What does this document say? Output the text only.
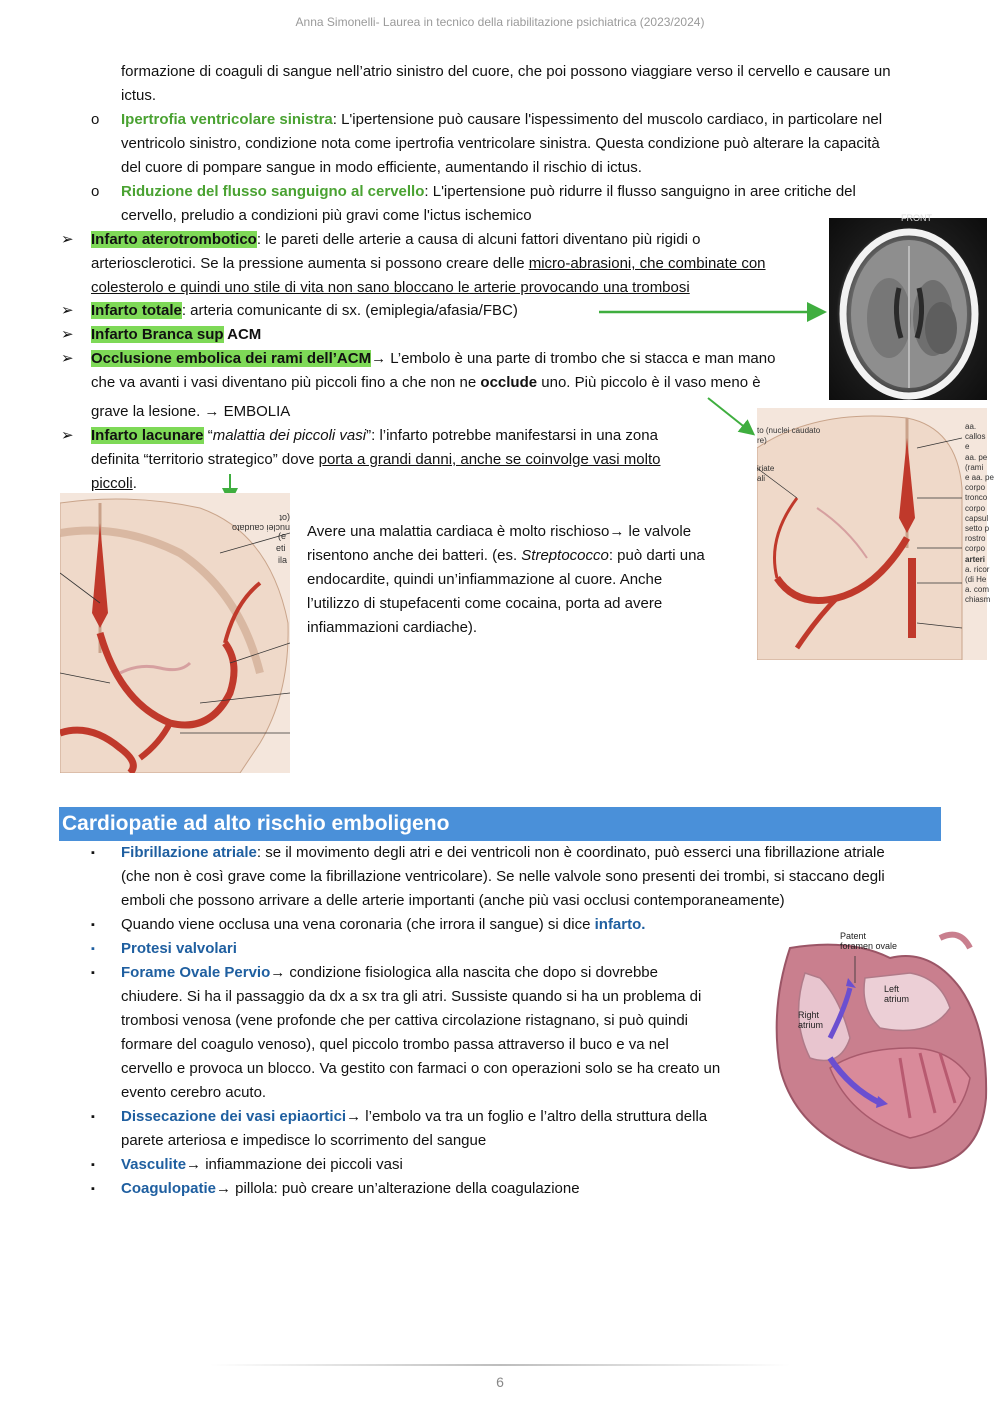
Anna Simonelli- Laurea in tecnico della riabilitazione psichiatrica (2023/2024)
formazione di coaguli di sangue nell’atrio sinistro del cuore, che poi possono viaggiare verso il cervello e causare un
ictus.
o Ipertrofia ventricolare sinistra: L'ipertensione può causare l'ispessimento del muscolo cardiaco, in particolare nel
ventricolo sinistro, condizione nota come ipertrofia ventricolare sinistra. Questa condizione può alterare la capacità
del cuore di pompare sangue in modo efficiente, aumentando il rischio di ictus.
o Riduzione del flusso sanguigno al cervello: L'ipertensione può ridurre il flusso sanguigno in aree critiche del
cervello, preludio a condizioni più gravi come l'ictus ischemico
➢ Infarto aterotrombotico: le pareti delle arterie a causa di alcuni fattori diventano più rigidi o
arteriosclerotici. Se la pressione aumenta si possono creare delle micro-abrasioni, che combinate con
colesterolo e quindi uno stile di vita non sano bloccano le arterie provocando una trombosi
➢ Infarto totale: arteria comunicante di sx. (emiplegia/afasia/FBC)
➢ Infarto Branca sup ACM
➢ Occlusione embolica dei rami dell’ACM→ L’embolo è una parte di trombo che si stacca e man mano
che va avanti i vasi diventano più piccoli fino a che non ne occlude uno. Più piccolo è il vaso meno è
grave la lesione. → EMBOLIA
➢ Infarto lacunare “malattia dei piccoli vasi”: l’infarto potrebbe manifestarsi in una zona
definita “territorio strategico” dove porta a grandi danni, anche se coinvolge vasi molto
piccoli.
FRONT
nuclei caudato (ot
(e
eti
ila
Avere una malattia cardiaca è molto rischioso→ le valvole
risentono anche dei batteri. (es. Streptococco: può darti una
endocardite, quindi un’infiammazione al cuore. Anche
l’utilizzo di stupefacenti come cocaina, porta ad avere
infiammazioni cardiache).
to (nuclei caudato
re)
iriate
ali
aa.
callos
e
aa. pe
(rami
e aa. pe
corpo
tronco
corpo
capsul
setto p
rostro
corpo
arteri
a. ricor
(di He
a. com
chiasm
Cardiopatie ad alto rischio emboligeno
▪ Fibrillazione atriale: se il movimento degli atri e dei ventricoli non è coordinato, può esserci una fibrillazione atriale
(che non è così grave come la fibrillazione ventricolare). Se nelle valvole sono presenti dei trombi, si staccano degli
emboli che possono arrivare a delle arterie importanti (anche più vasi occlusi contemporaneamente)
▪ Quando viene occlusa una vena coronaria (che irrora il sangue) si dice infarto.
▪ Protesi valvolari
▪ Forame Ovale Pervio→ condizione fisiologica alla nascita che dopo si dovrebbe
chiudere. Si ha il passaggio da dx a sx tra gli atri. Sussiste quando si ha un problema di
trombosi venosa (vene profonde che per cattiva circolazione ristagnano, si può quindi
formare del coagulo venoso), quel piccolo trombo passa attraverso il buco e va nel
cervello e provoca un blocco. Va gestito con farmaci o con operazioni solo se ha creato un
evento cerebro acuto.
▪ Dissecazione dei vasi epiaortici→ l’embolo va tra un foglio e l’altro della struttura della
parete arteriosa e impedisce lo scorrimento del sangue
▪ Vasculite→ infiammazione dei piccoli vasi
▪ Coagulopatie→ pillola: può creare un’alterazione della coagulazione
Patent
foramen ovale
Left
atrium
Right
atrium
6
